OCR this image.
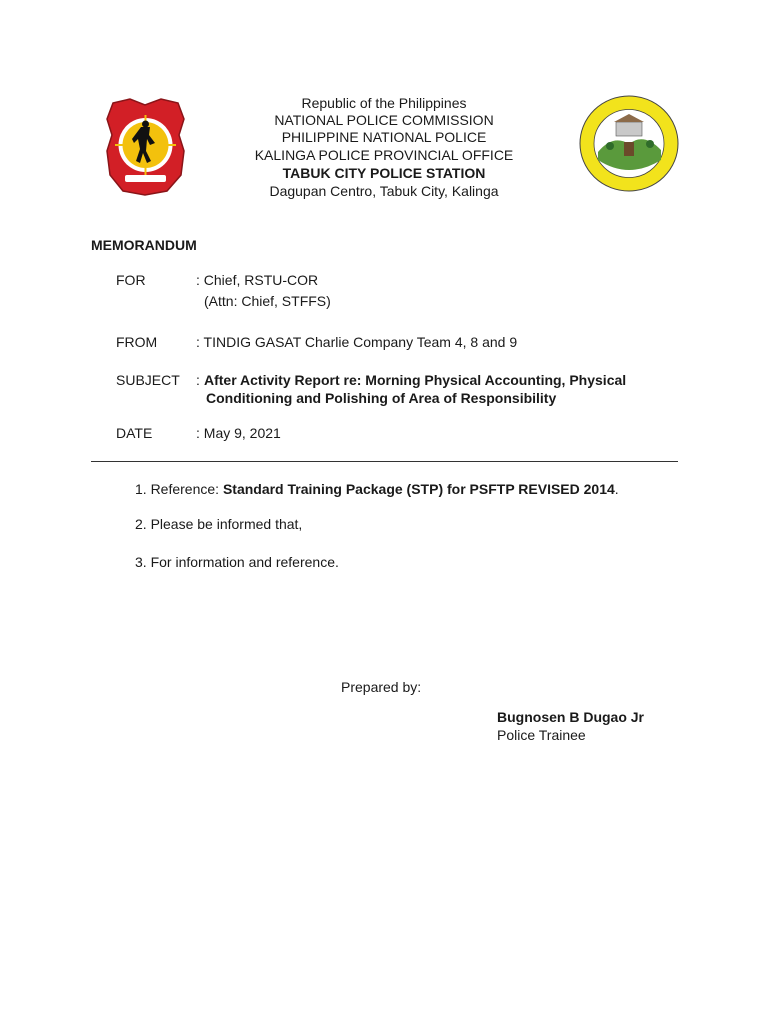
Republic of the Philippines
NATIONAL POLICE COMMISSION
PHILIPPINE NATIONAL POLICE
KALINGA POLICE PROVINCIAL OFFICE
TABUK CITY POLICE STATION
Dagupan Centro, Tabuk City, Kalinga
MEMORANDUM
FOR	: Chief, RSTU-COR
(Attn: Chief, STFFS)
FROM	: TINDIG GASAT Charlie Company Team 4, 8 and 9
SUBJECT : After Activity Report re: Morning Physical Accounting, Physical
Conditioning and Polishing of Area of Responsibility
DATE	: May 9, 2021
1. Reference: Standard Training Package (STP) for PSFTP REVISED 2014.
2. Please be informed that,
3. For information and reference.
Prepared by:
Bugnosen B Dugao Jr
Police Trainee
